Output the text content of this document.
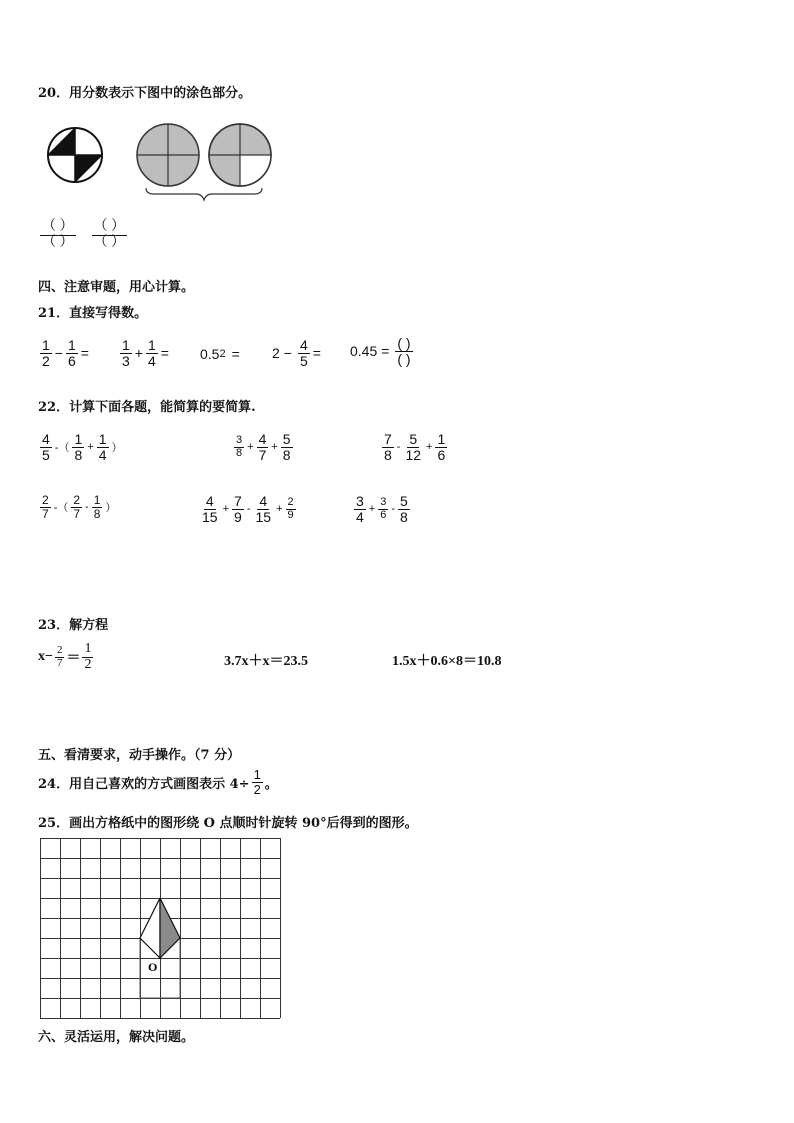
20．用分数表示下图中的涂色部分。
$\frac{( )}{( )} \frac{( )}{( )}$
四、注意审题，用心计算。
21．直接写得数。
$\frac{1}{2} - \frac{1}{6} = \frac{1}{3} + \frac{1}{4} = 0.5$ $2 = 2 - \frac{4}{5} = 0.45 = \frac{( )}{( )}$
22．计算下面各题，能简算的要简算.
$\frac{4}{5}$ -（ $\frac{1}{8} + \frac{1}{4}$ ）	$\frac{3}{8} + \frac{4}{7} + \frac{5}{8}$	$\frac{7}{8} - \frac{5}{12} + \frac{1}{6}$
$\frac{2}{7}$ -（ $\frac{2}{7} - \frac{1}{8}$ ）	$\frac{4}{15} + \frac{7}{9} - \frac{4}{15} + \frac{2}{9}$	$\frac{3}{4} + \frac{3}{6} - \frac{5}{8}$
23．解方程
$x- \frac{2}{7} = \frac{1}{2}$	3.7x＋x＝23.5	1.5x＋0.6×8＝10.8
五、看清要求，动手操作。（7 分）
24．用自己喜欢的方式画图表示 $4\div \frac{1}{2}$ 。
25．画出方格纸中的图形绕 O 点顺时针旋转 90°后得到的图形。
O
六、灵活运用，解决问题。
